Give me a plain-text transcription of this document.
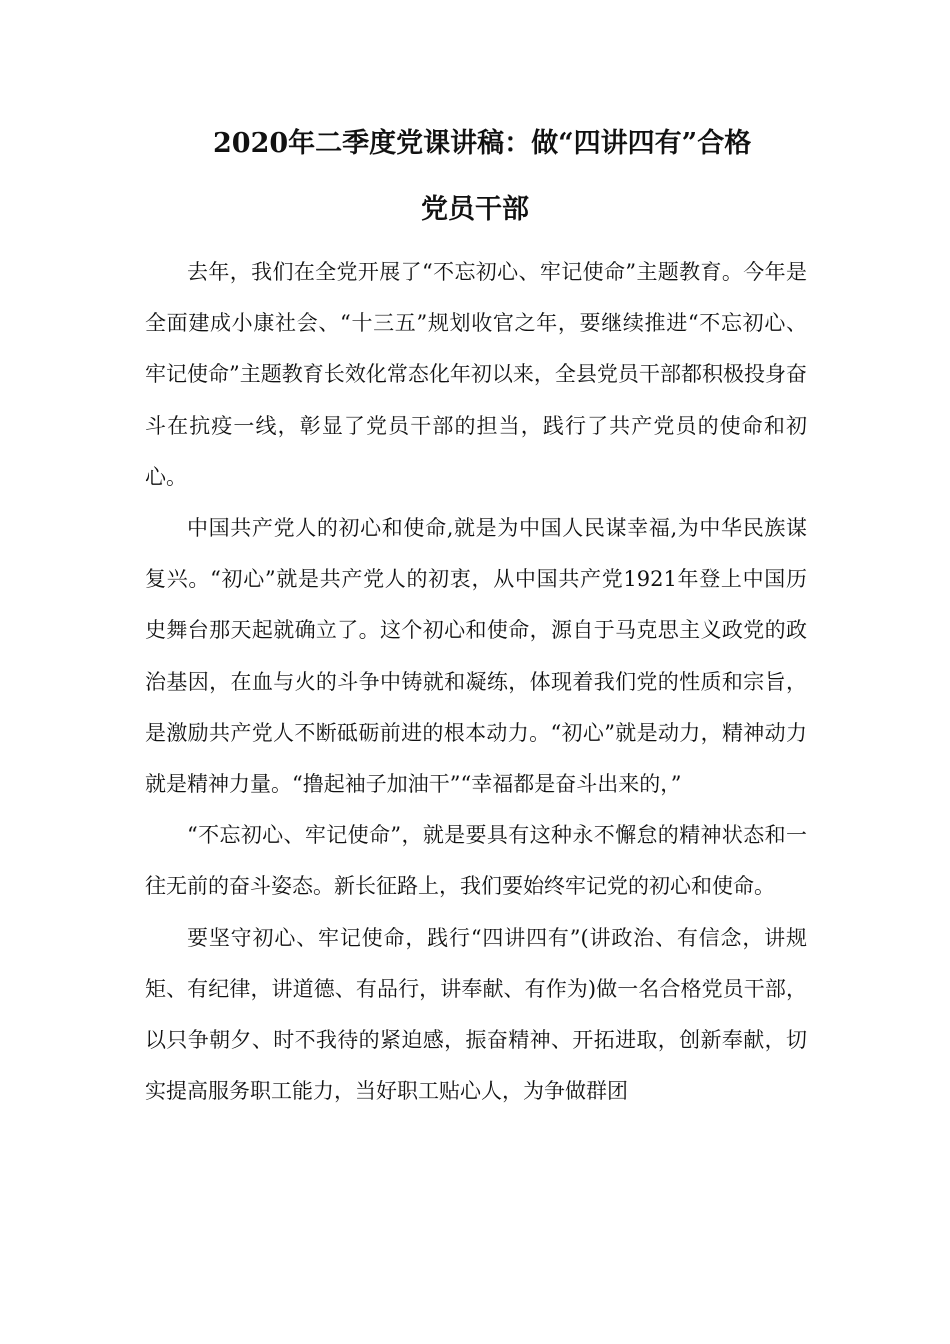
2020年二季度党课讲稿：做“四讲四有”合格
党员干部

去年，我们在全党开展了“不忘初心、牢记使命”主题教育。今年是全面建成小康社会、“十三五”规划收官之年，要继续推进“不忘初心、牢记使命”主题教育长效化常态化年初以来，全县党员干部都积极投身奋斗在抗疫一线，彰显了党员干部的担当，践行了共产党员的使命和初心。

中国共产党人的初心和使命,就是为中国人民谋幸福,为中华民族谋复兴。“初心”就是共产党人的初衷，从中国共产党1921年登上中国历史舞台那天起就确立了。这个初心和使命，源自于马克思主义政党的政治基因，在血与火的斗争中铸就和凝练，体现着我们党的性质和宗旨，是激励共产党人不断砥砺前进的根本动力。“初心”就是动力，精神动力就是精神力量。“撸起袖子加油干”“幸福都是奋斗出来的，”

“不忘初心、牢记使命”，就是要具有这种永不懈怠的精神状态和一往无前的奋斗姿态。新长征路上，我们要始终牢记党的初心和使命。

要坚守初心、牢记使命，践行“四讲四有”(讲政治、有信念，讲规矩、有纪律，讲道德、有品行，讲奉献、有作为)做一名合格党员干部，以只争朝夕、时不我待的紧迫感，振奋精神、开拓进取，创新奉献，切实提高服务职工能力，当好职工贴心人，为争做群团
